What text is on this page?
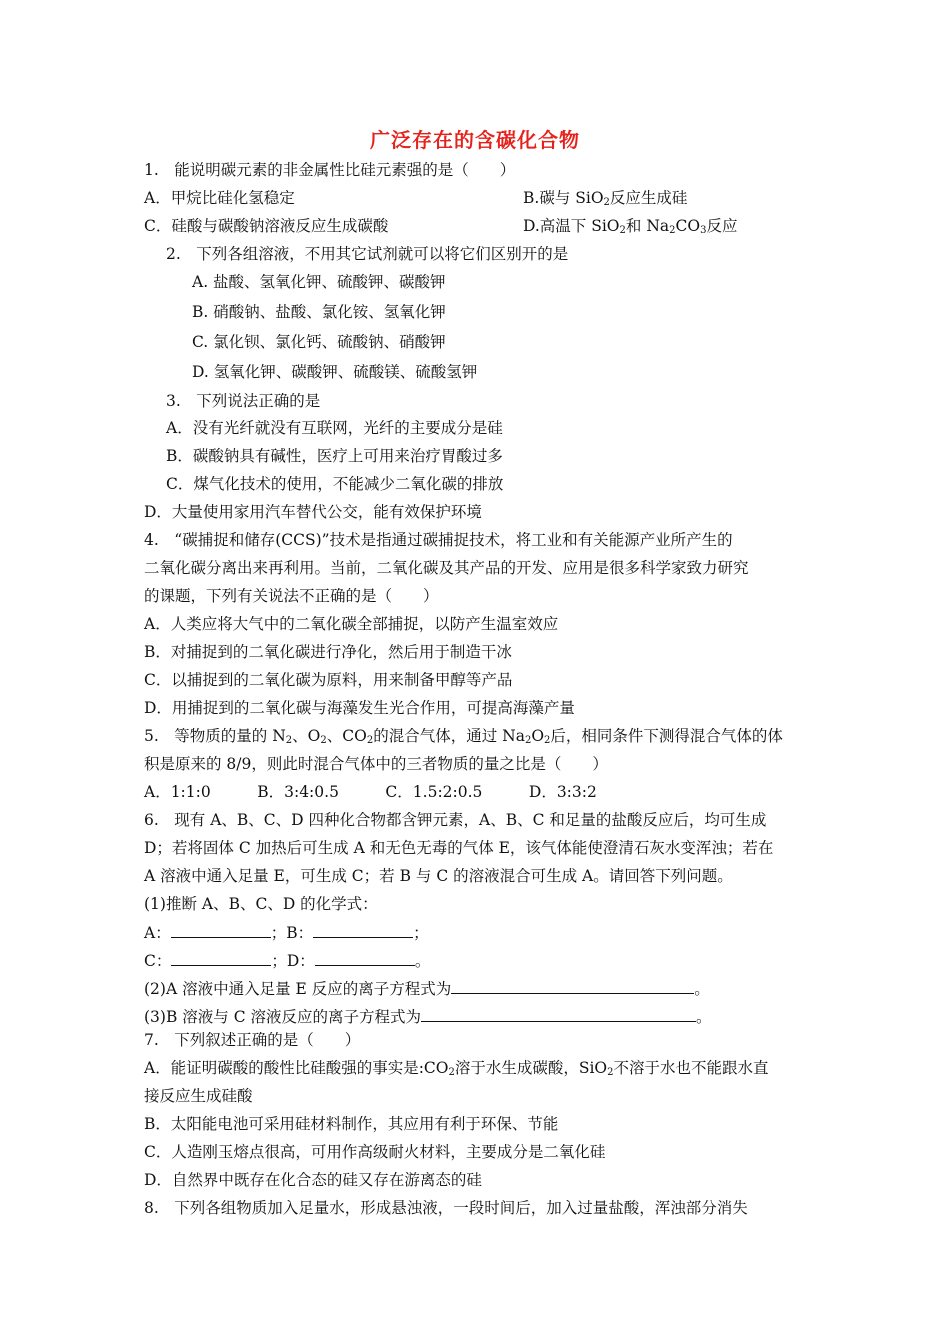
广泛存在的含碳化合物
1.　能说明碳元素的非金属性比硅元素强的是（　　）
A．甲烷比硅化氢稳定	B.碳与 SiO$_2$反应生成硅
C．硅酸与碳酸钠溶液反应生成碳酸	D.高温下 SiO$_2$和 $Na_2CO_3$反应
2.　下列各组溶液，不用其它试剂就可以将它们区别开的是
A. 盐酸、氢氧化钾、硫酸钾、碳酸钾
B. 硝酸钠、盐酸、氯化铵、氢氧化钾
C. 氯化钡、氯化钙、硫酸钠、硝酸钾
D. 氢氧化钾、碳酸钾、硫酸镁、硫酸氢钾
3.　下列说法正确的是
A．没有光纤就没有互联网，光纤的主要成分是硅
B．碳酸钠具有碱性，医疗上可用来治疗胃酸过多
C．煤气化技术的使用，不能减少二氧化碳的排放
D．大量使用家用汽车替代公交，能有效保护环境
4.　“碳捕捉和储存(CCS)”技术是指通过碳捕捉技术，将工业和有关能源产业所产生的
二氧化碳分离出来再利用。当前，二氧化碳及其产品的开发、应用是很多科学家致力研究
的课题，下列有关说法不正确的是（　　）
A．人类应将大气中的二氧化碳全部捕捉，以防产生温室效应
B．对捕捉到的二氧化碳进行净化，然后用于制造干冰
C．以捕捉到的二氧化碳为原料，用来制备甲醇等产品
D．用捕捉到的二氧化碳与海藻发生光合作用，可提高海藻产量
5.　等物质的量的 $N_2$、$O_2$、$CO_2$的混合气体，通过 $Na_2O_2$后，相同条件下测得混合气体的体
积是原来的 8/9，则此时混合气体中的三者物质的量之比是（　　）
A．1:1:0　　　B．3:4:0.5　　　C．1.5:2:0.5　　　D．3:3:2
6.　现有 A、B、C、D 四种化合物都含钾元素，A、B、C 和足量的盐酸反应后，均可生成
D；若将固体 C 加热后可生成 A 和无色无毒的气体 E，该气体能使澄清石灰水变浑浊；若在
A 溶液中通入足量 E，可生成 C；若 B 与 C 的溶液混合可生成 A。请回答下列问题。
(1)推断 A、B、C、D 的化学式：
A：	；B：	；
C：	；D：	。
(2)A 溶液中通入足量 E 反应的离子方程式为	。
(3)B 溶液与 C 溶液反应的离子方程式为	。
7.　下列叙述正确的是（　　）
A．能证明碳酸的酸性比硅酸强的事实是$:CO_2$溶于水生成碳酸，SiO$_2$不溶于水也不能跟水直
接反应生成硅酸
B．太阳能电池可采用硅材料制作，其应用有利于环保、节能
C．人造刚玉熔点很高，可用作高级耐火材料，主要成分是二氧化硅
D．自然界中既存在化合态的硅又存在游离态的硅
8.　下列各组物质加入足量水，形成悬浊液，一段时间后，加入过量盐酸，浑浊部分消失
